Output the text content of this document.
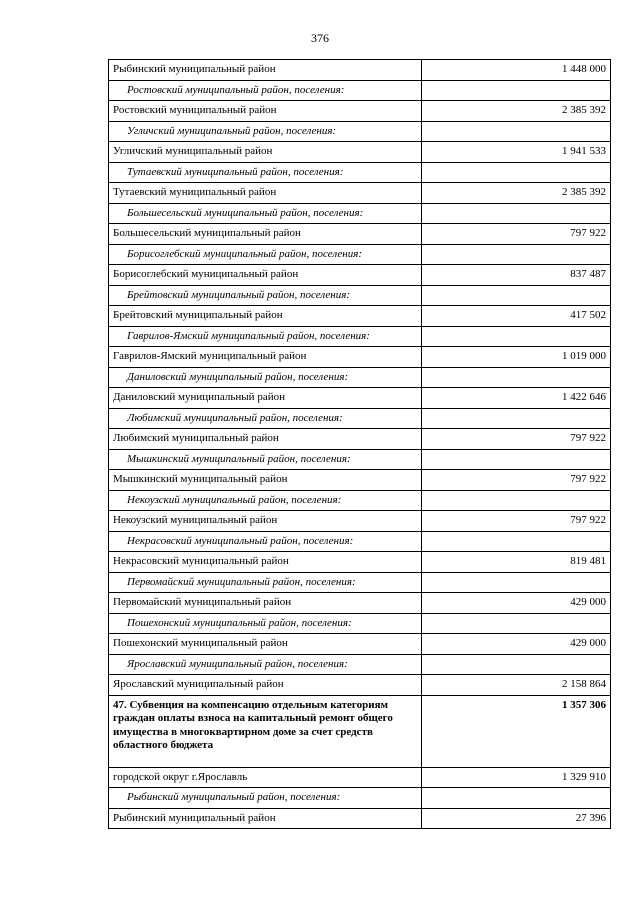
376
Рыбинский муниципальный район	1 448 000
Ростовский муниципальный район, поселения:	
Ростовский муниципальный район	2 385 392
Угличский муниципальный район, поселения:	
Угличский муниципальный район	1 941 533
Тутаевский муниципальный район, поселения:	
Тутаевский муниципальный район	2 385 392
Большесельский муниципальный район, поселения:	
Большесельский муниципальный район	797 922
Борисоглебский муниципальный район, поселения:	
Борисоглебский муниципальный район	837 487
Брейтовский муниципальный район, поселения:	
Брейтовский муниципальный район	417 502
Гаврилов-Ямский муниципальный район, поселения:	
Гаврилов-Ямский муниципальный район	1 019 000
Даниловский муниципальный район, поселения:	
Даниловский муниципальный район	1 422 646
Любимский муниципальный район, поселения:	
Любимский муниципальный район	797 922
Мышкинский муниципальный район, поселения:	
Мышкинский муниципальный район	797 922
Некоузский муниципальный район, поселения:	
Некоузский муниципальный район	797 922
Некрасовский муниципальный район, поселения:	
Некрасовский муниципальный район	819 481
Первомайский муниципальный район, поселения:	
Первомайский муниципальный район	429 000
Пошехонский муниципальный район, поселения:	
Пошехонский муниципальный район	429 000
Ярославский муниципальный район, поселения:	
Ярославский муниципальный район	2 158 864
47. Субвенция на компенсацию отдельным категориям граждан оплаты взноса на капитальный ремонт общего имущества в многоквартирном доме за счет средств областного бюджета	1 357 306
городской округ г.Ярославль	1 329 910
Рыбинский муниципальный район, поселения:	
Рыбинский муниципальный район	27 396
